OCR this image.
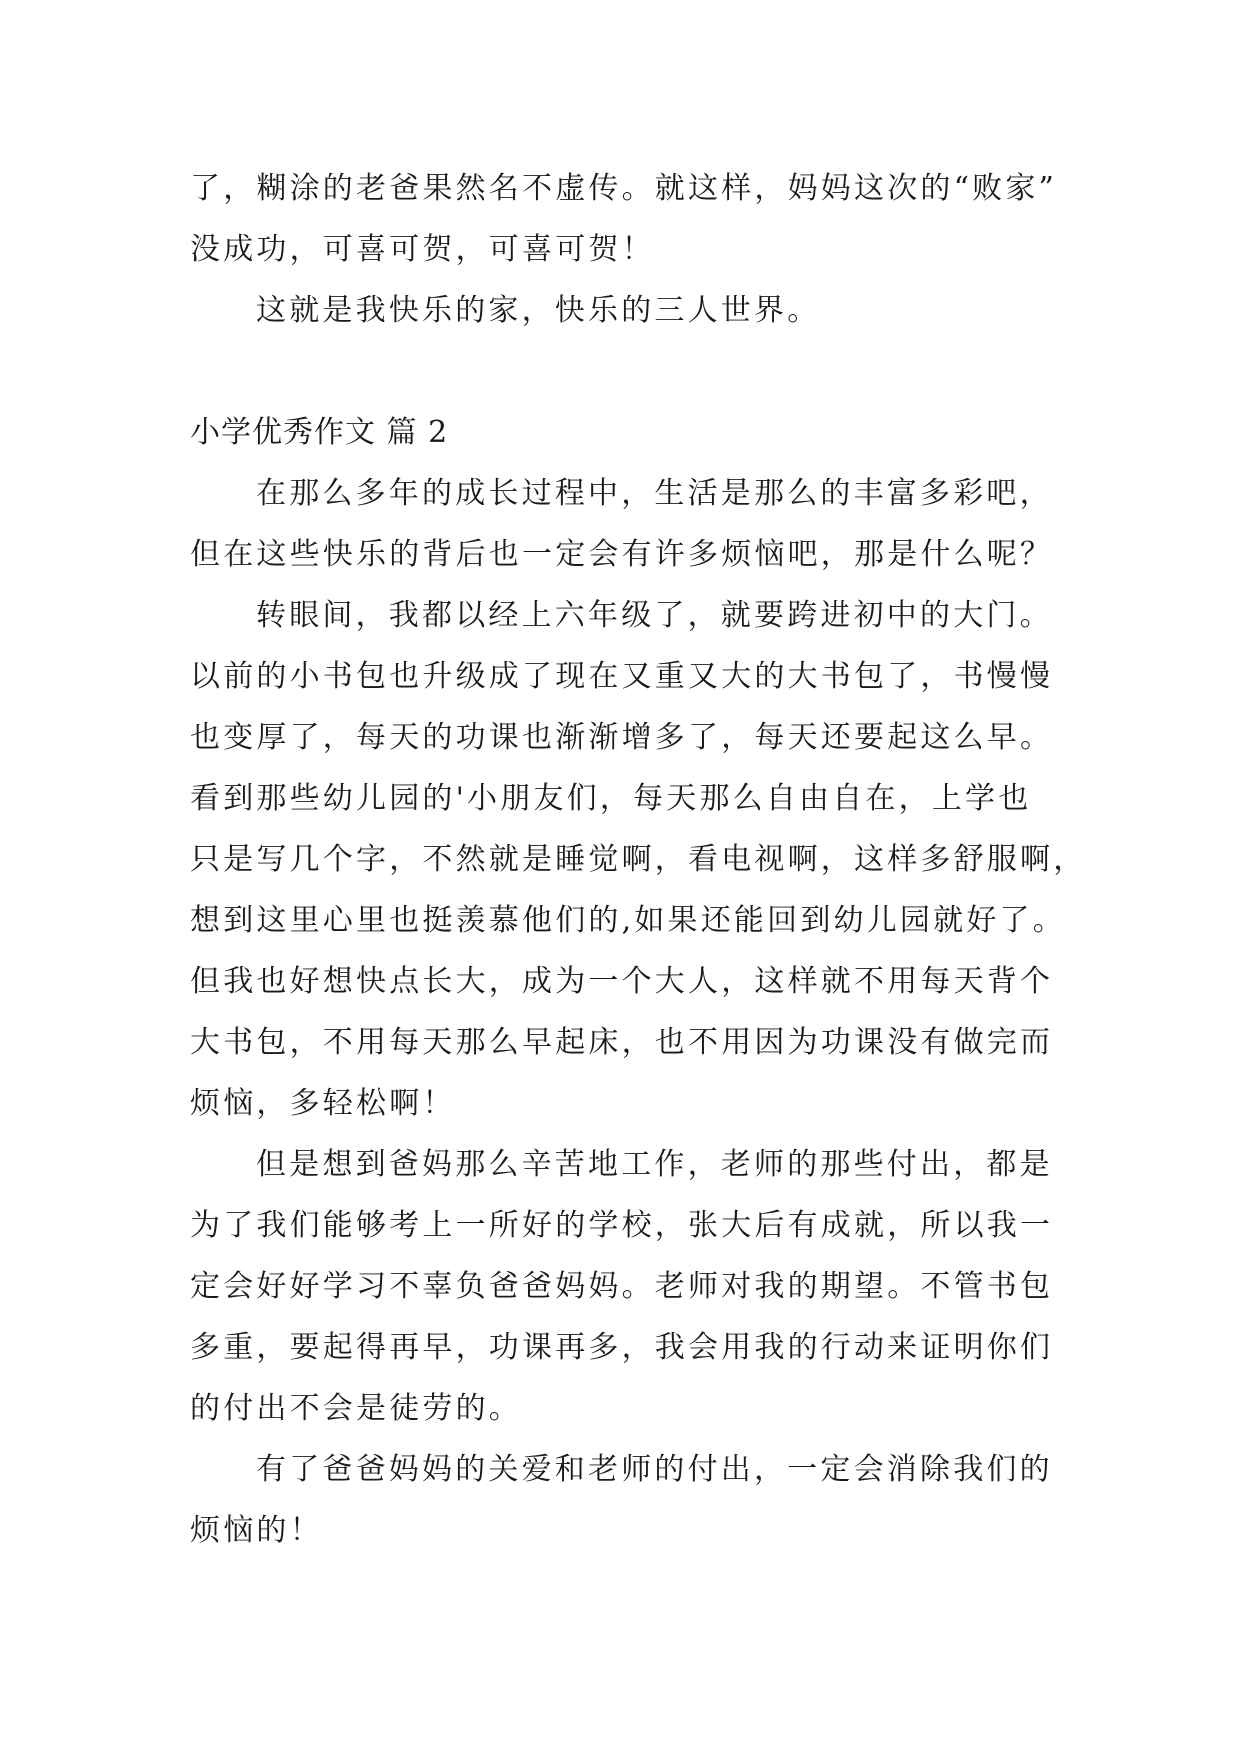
了，糊涂的老爸果然名不虚传。就这样，妈妈这次的“败家”
没成功，可喜可贺，可喜可贺！
这就是我快乐的家，快乐的三人世界。
小学优秀作文 篇 2
在那么多年的成长过程中，生活是那么的丰富多彩吧，
但在这些快乐的背后也一定会有许多烦恼吧，那是什么呢？
转眼间，我都以经上六年级了，就要跨进初中的大门。
以前的小书包也升级成了现在又重又大的大书包了，书慢慢
也变厚了，每天的功课也渐渐增多了，每天还要起这么早。
看到那些幼儿园的'小朋友们，每天那么自由自在，上学也
只是写几个字，不然就是睡觉啊，看电视啊，这样多舒服啊，
想到这里心里也挺羡慕他们的,如果还能回到幼儿园就好了。
但我也好想快点长大，成为一个大人，这样就不用每天背个
大书包，不用每天那么早起床，也不用因为功课没有做完而
烦恼，多轻松啊！
但是想到爸妈那么辛苦地工作，老师的那些付出，都是
为了我们能够考上一所好的学校，张大后有成就，所以我一
定会好好学习不辜负爸爸妈妈。老师对我的期望。不管书包
多重，要起得再早，功课再多，我会用我的行动来证明你们
的付出不会是徒劳的。
有了爸爸妈妈的关爱和老师的付出，一定会消除我们的
烦恼的！
